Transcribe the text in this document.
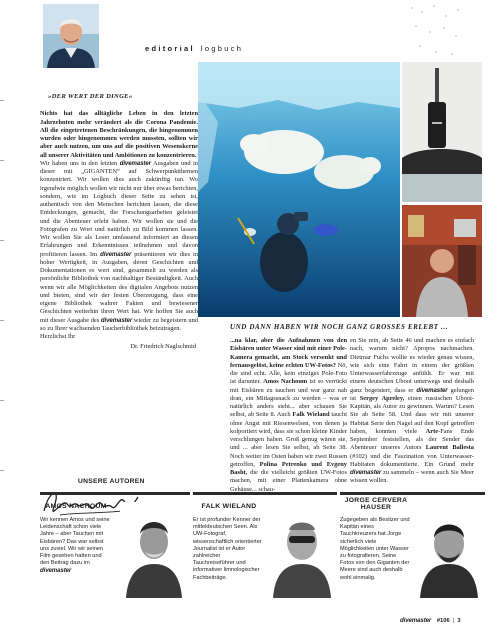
editorial logbuch
»DER WERT DER DINGE«

Nichts hat das alltägliche Leben in den letzten Jahrzehnten mehr verändert als die Corona Pandemie. All die eingetretenen Beschränkungen, die hingenommen wurden oder hingenommen werden mussten, sollten wir aber auch nutzen, um uns auf die positiven Wesenskerne all unserer Aktivitäten und Ambitionen zu konzentrieren.

Wir haben uns in den letzten divemaster Ausgaben und in dieser mit „GIGANTEN“ auf Schwerpunktthemen konzentriert. Wir wollen dies auch zukünftig tun. Wo irgendwie möglich wollen wir nicht nur über etwas berichten, sondern, wie im Logbuch dieser Seite zu sehen ist, authentisch von den Menschen berichten lassen, die diese Entdeckungen, gemacht, die Forschungsarbeiten geleistet und die Abenteuer erlebt haben. Wir wollen sie und die Fotografen zu Wort und natürlich zu Bild kommen lassen. Wir wollen Sie als Leser umfassend informiert an diesen Erfahrungen und Erkenntnissen teilnehmen und davon profitieren lassen. Im divemaster präsentieren wir dies in hoher Wertigkeit, in Ausgaben, deren Geschichten und Dokumentationen es wert sind, gesammelt zu werden als persönliche Bibliothek von nachhaltiger Beständigkeit. Auch wenn wir alle Möglichkeiten des digitalen Angebots nutzen und bieten, sind wir der festen Überzeugung, dass eine eigene Bibliothek wahrer Fakten und bewiesener Geschichten weiterhin ihren Wert hat. Wir hoffen Sie auch mit dieser Ausgabe des divemaster wieder zu begeistern und so zu Ihrer wachsenden Taucherbibliothek beizutragen.
Herzlichst Ihr

Dr. Friedrich Naglschmid

UND DANN HABEN WIR NOCH GANZ GROSSES ERLEBT ...

...na klar, aber die Aufnahmen von den Eisbären unter Wasser sind mit einer Pole-Kamera gemacht, am Stock versenkt und fernausgelöst, keine echten UW-Fotos? Nö, die sind echt. Alle, kein einziges Pole-Foto ist darunter. Amos Nachoum ist so verrückt mit Eisbären zu tauchen und war ganz nah dran, ein Mittagssnack zu werden – was er natürlich anders sieht... aber schauen Sie selbst, ab Seite 8. Auch Falk Wieland taucht ohne Angst mit Riesenwelsen, von denen ja kolportiert wird, dass sie schon kleine Kinder verschlungen haben. Groß genug wären sie, und ... aber lesen Sie selbst, ab Seite 38. Noch weiter im Osten haben wir zwei Russen getroffen, Polina Petrenko und Evgeny Basht, die die vielleicht größten UW-Fotos machen, mit einer Plattenkamera ohne Gehäuse... schau-

en Sie rein, ab Seite 46 und machen es einfach nach, warum nicht? Apropos nachmachen. Dietmar Fuchs wollte es wieder genau wissen, wie sich eine Fahrt in einem der größten Unterwasserfahrzeuge anfühlt. Er war mit einem deutschen Uboot unterwegs und deshalb ganz begeistert, dass er divemaster gelungen ist Sergey Apreley, einen russischen Uboot-Kapitän, als Autor zu gewinnen. Warum? Lesen Sie ab Seite 58. Und dass wir mit unserer Habitat Serie den Nagel auf den Kopf getroffen haben, konnten viele Arte-Fans Ende September feststellen, als der Sender das Abenteuer unseres Autors Laurent Ballesta (#102) und die Faszination von Unterwasser-Habitaten dokumentierte. Ein Grund mehr divemaster zu sammeln – wenn auch Sie Meer wissen wollen.

UNSERE AUTOREN
AMOS NACHOUM

Wir kennen Amos und seine Leidenschaft schon viele Jahre – aber Tauchen mit Eisbären? Das war selbst uns zuviel. Wir wir seinen Film gesehen hatten und den Beitrag dazu im
divemaster

FALK WIELAND

Er ist profunder Kenner der mitteldeutschen Seen. Als UW-Fotograf, wissenschaftlich orientierter Journalist ist er Autor zahlreicher Tauchreiseführer und informativer limnologischer Fachbeiträge.

JORGE CERVERA HAUSER

Zugegeben als Besitzer und Kapitän eines Tauchkreuzers hat Jorge sicherlich viele Möglichkeiten unter Wasser zu fotografieren. Seine Fotos von den Giganten der Meere sind auch deshalb wohl einmalig.

divemaster #106 | 3
